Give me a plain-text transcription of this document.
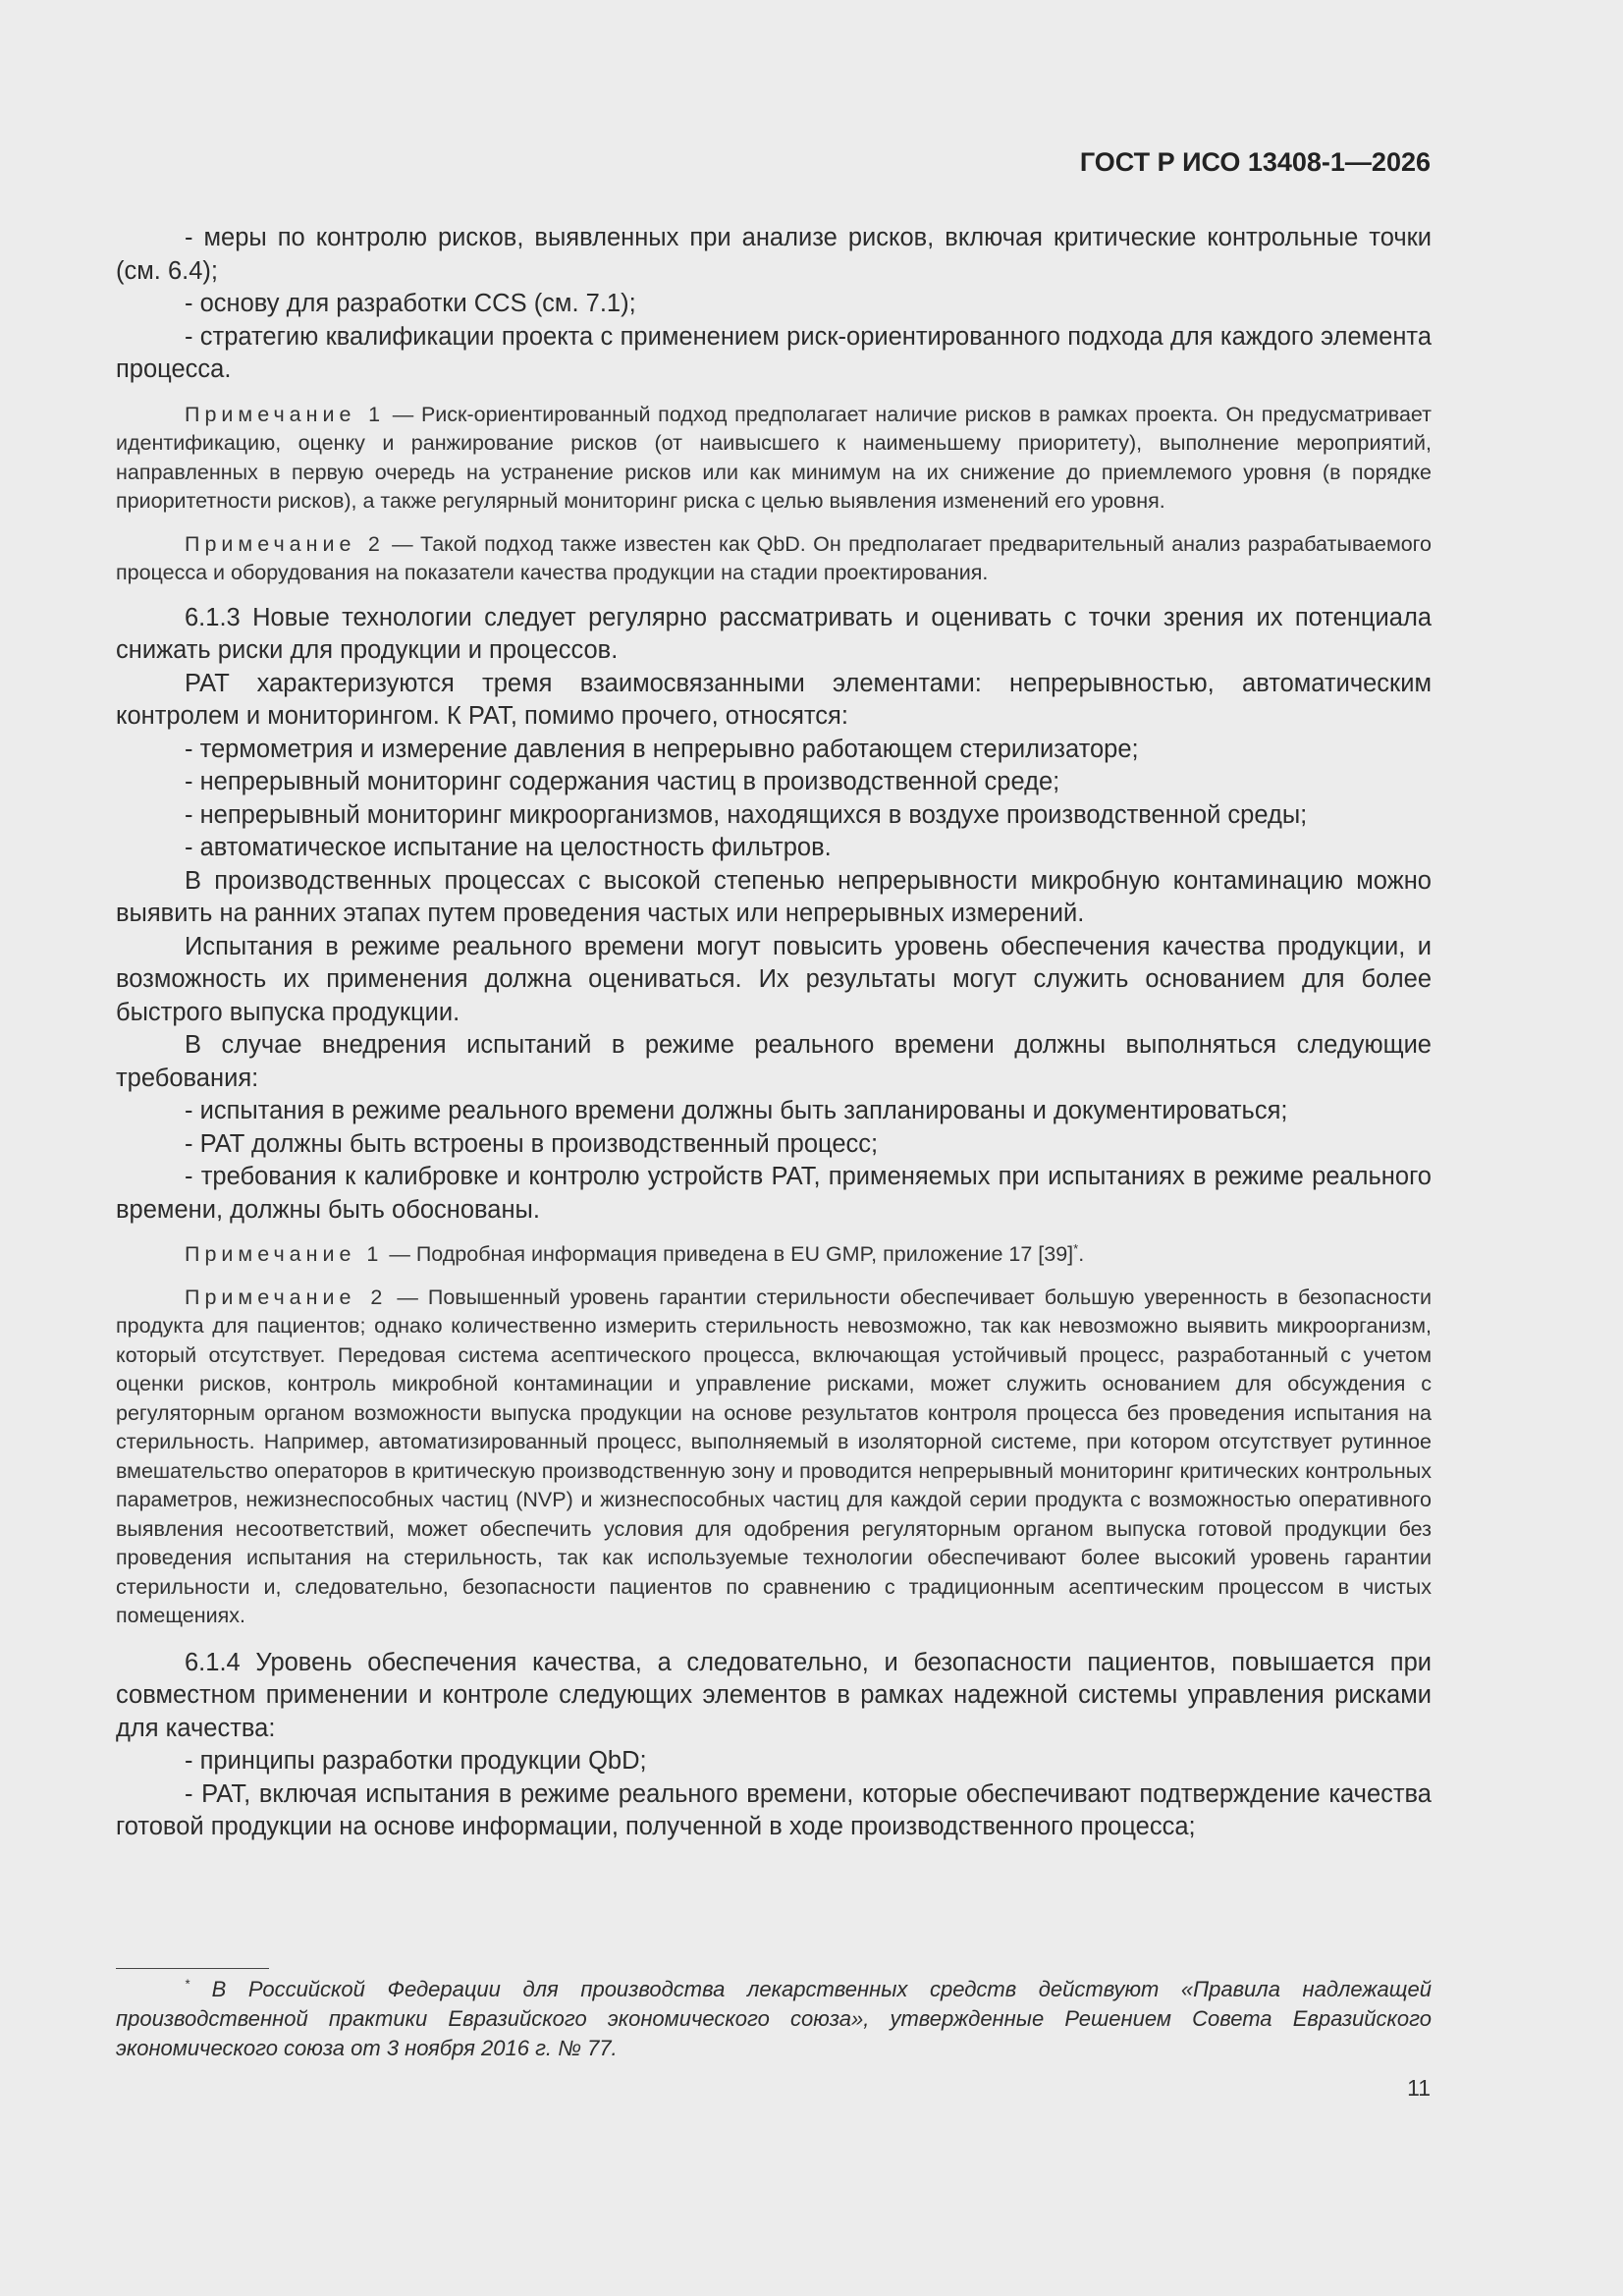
ГОСТ Р ИСО 13408-1—2026

- меры по контролю рисков, выявленных при анализе рисков, включая критические контрольные точки (см. 6.4);

- основу для разработки CCS (см. 7.1);

- стратегию квалификации проекта с применением риск-ориентированного подхода для каждого элемента процесса.

Примечание 1 — Риск-ориентированный подход предполагает наличие рисков в рамках проекта. Он предусматривает идентификацию, оценку и ранжирование рисков (от наивысшего к наименьшему приоритету), выполнение мероприятий, направленных в первую очередь на устранение рисков или как минимум на их снижение до приемлемого уровня (в порядке приоритетности рисков), а также регулярный мониторинг риска с целью выявления изменений его уровня.

Примечание 2 — Такой подход также известен как QbD. Он предполагает предварительный анализ разрабатываемого процесса и оборудования на показатели качества продукции на стадии проектирования.

6.1.3 Новые технологии следует регулярно рассматривать и оценивать с точки зрения их потенциала снижать риски для продукции и процессов.

PAT характеризуются тремя взаимосвязанными элементами: непрерывностью, автоматическим контролем и мониторингом. К PAT, помимо прочего, относятся:

- термометрия и измерение давления в непрерывно работающем стерилизаторе;

- непрерывный мониторинг содержания частиц в производственной среде;

- непрерывный мониторинг микроорганизмов, находящихся в воздухе производственной среды;

- автоматическое испытание на целостность фильтров.

В производственных процессах с высокой степенью непрерывности микробную контаминацию можно выявить на ранних этапах путем проведения частых или непрерывных измерений.

Испытания в режиме реального времени могут повысить уровень обеспечения качества продукции, и возможность их применения должна оцениваться. Их результаты могут служить основанием для более быстрого выпуска продукции.

В случае внедрения испытаний в режиме реального времени должны выполняться следующие требования:

- испытания в режиме реального времени должны быть запланированы и документироваться;

- PAT должны быть встроены в производственный процесс;

- требования к калибровке и контролю устройств PAT, применяемых при испытаниях в режиме реального времени, должны быть обоснованы.

Примечание 1 — Подробная информация приведена в EU GMP, приложение 17 [39]*.

Примечание 2 — Повышенный уровень гарантии стерильности обеспечивает большую уверенность в безопасности продукта для пациентов; однако количественно измерить стерильность невозможно, так как невозможно выявить микроорганизм, который отсутствует. Передовая система асептического процесса, включающая устойчивый процесс, разработанный с учетом оценки рисков, контроль микробной контаминации и управление рисками, может служить основанием для обсуждения с регуляторным органом возможности выпуска продукции на основе результатов контроля процесса без проведения испытания на стерильность. Например, автоматизированный процесс, выполняемый в изоляторной системе, при котором отсутствует рутинное вмешательство операторов в критическую производственную зону и проводится непрерывный мониторинг критических контрольных параметров, нежизнеспособных частиц (NVP) и жизнеспособных частиц для каждой серии продукта с возможностью оперативного выявления несоответствий, может обеспечить условия для одобрения регуляторным органом выпуска готовой продукции без проведения испытания на стерильность, так как используемые технологии обеспечивают более высокий уровень гарантии стерильности и, следовательно, безопасности пациентов по сравнению с традиционным асептическим процессом в чистых помещениях.

6.1.4 Уровень обеспечения качества, а следовательно, и безопасности пациентов, повышается при совместном применении и контроле следующих элементов в рамках надежной системы управления рисками для качества:

- принципы разработки продукции QbD;

- PAT, включая испытания в режиме реального времени, которые обеспечивают подтверждение качества готовой продукции на основе информации, полученной в ходе производственного процесса;

* В Российской Федерации для производства лекарственных средств действуют «Правила надлежащей производственной практики Евразийского экономического союза», утвержденные Решением Совета Евразийского экономического союза от 3 ноября 2016 г. № 77.
11
